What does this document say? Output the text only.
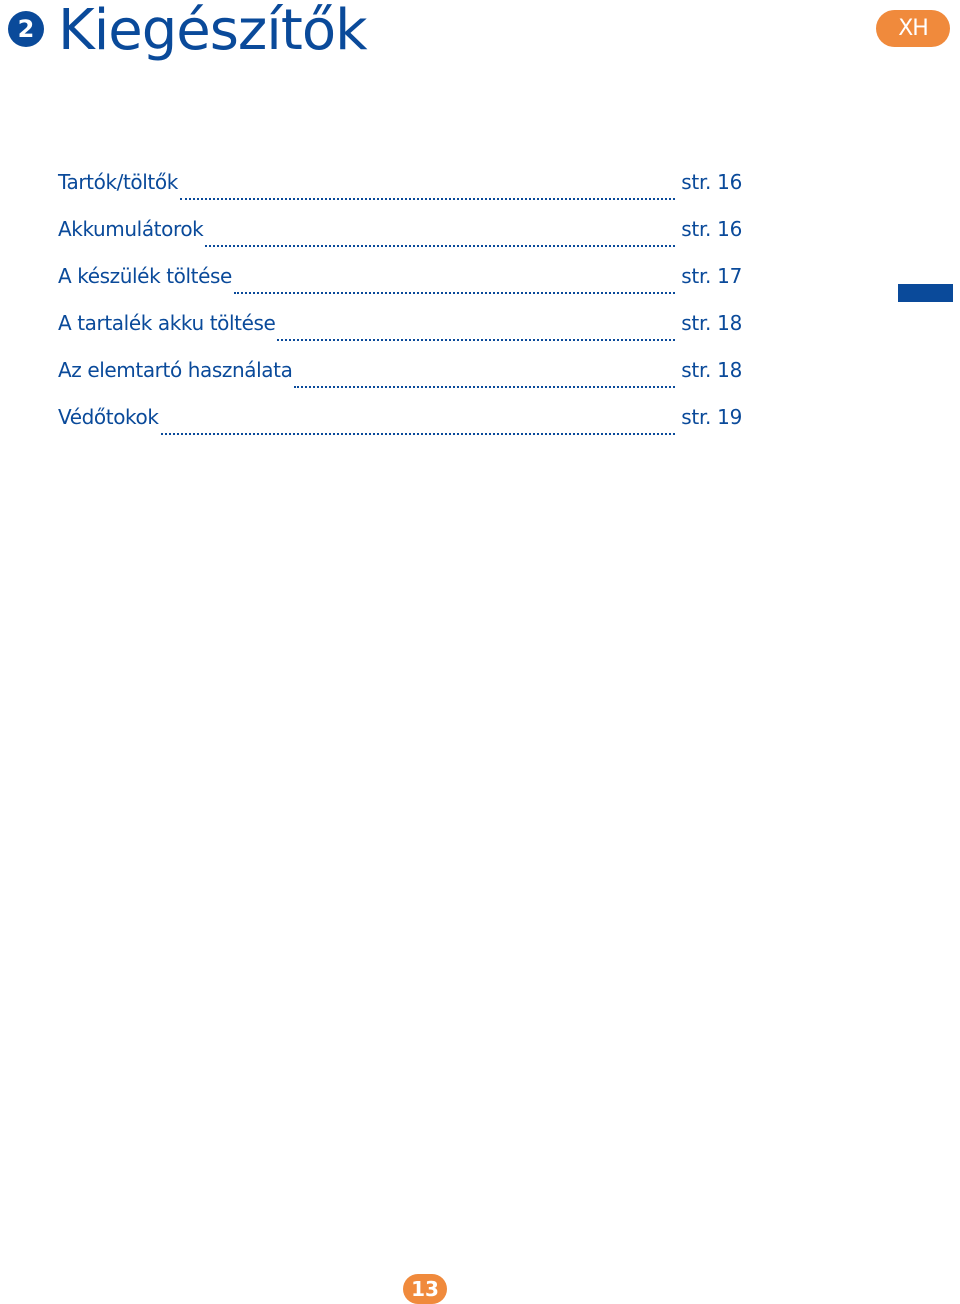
2 Kiegészítők	XH
Tartók/töltők	str. 16
Akkumulátorok	str. 16
A készülék töltése	str. 17
A tartalék akku töltése	str. 18
Az elemtartó használata	str. 18
Védőtokok	str. 19
13
